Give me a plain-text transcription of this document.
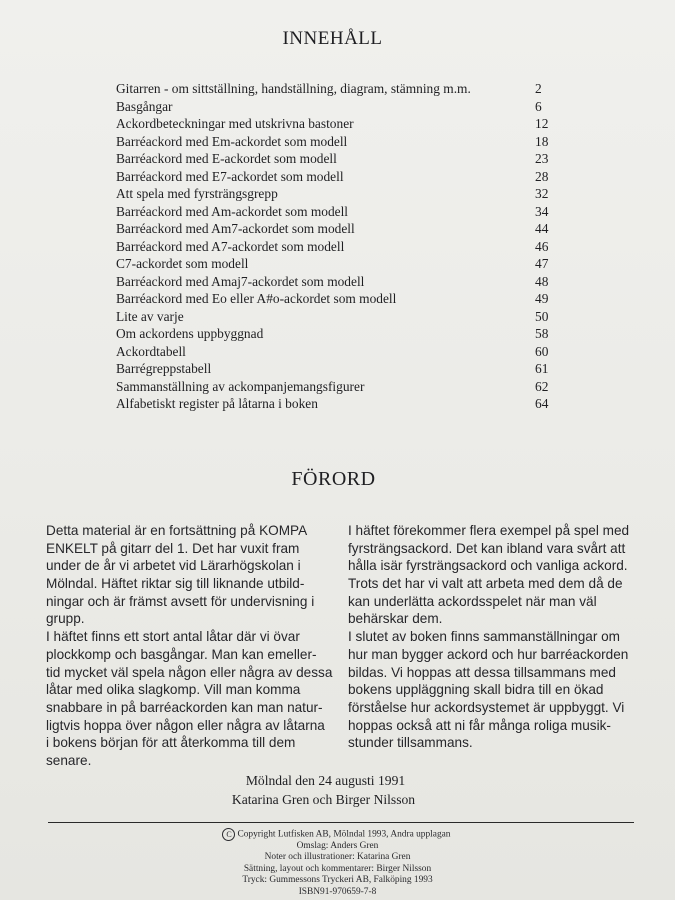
INNEHÅLL
Gitarren - om sittställning, handställning, diagram, stämning m.m.	2
Basgångar	6
Ackordbeteckningar med utskrivna bastoner	12
Barréackord med Em-ackordet som modell	18
Barréackord med E-ackordet som modell	23
Barréackord med E7-ackordet som modell	28
Att spela med fyrsträngsgrepp	32
Barréackord med Am-ackordet som modell	34
Barréackord med Am7-ackordet som modell	44
Barréackord med A7-ackordet som modell	46
C7-ackordet som modell	47
Barréackord med Amaj7-ackordet som modell	48
Barréackord med Eo eller A#o-ackordet som modell	49
Lite av varje	50
Om ackordens uppbyggnad	58
Ackordtabell	60
Barrégreppstabell	61
Sammanställning av ackompanjemangsfigurer	62
Alfabetiskt register på låtarna i boken	64
FÖRORD
Detta material är en fortsättning på KOMPA
ENKELT på gitarr del 1. Det har vuxit fram
under de år vi arbetet vid Lärarhögskolan i
Mölndal. Häftet riktar sig till liknande utbild-
ningar och är främst avsett för undervisning i
grupp.
I häftet finns ett stort antal låtar där vi övar
plockkomp och basgångar. Man kan emeller-
tid mycket väl spela någon eller några av dessa
låtar med olika slagkomp. Vill man komma
snabbare in på barréackorden kan man natur-
ligtvis hoppa över någon eller några av låtarna
i bokens början för att återkomma till dem
senare.
I häftet förekommer flera exempel på spel med
fyrsträngsackord. Det kan ibland vara svårt att
hålla isär fyrsträngsackord och vanliga ackord.
Trots det har vi valt att arbeta med dem då de
kan underlätta ackordsspelet när man väl
behärskar dem.
I slutet av boken finns sammanställningar om
hur man bygger ackord och hur barréackorden
bildas. Vi hoppas att dessa tillsammans med
bokens uppläggning skall bidra till en ökad
förståelse hur ackordsystemet är uppbyggt. Vi
hoppas också att ni får många roliga musik-
stunder tillsammans.
Mölndal den 24 augusti 1991
Katarina Gren och Birger Nilsson
C Copyright Lutfisken AB, Mölndal 1993, Andra upplagan
Omslag: Anders Gren
Noter och illustrationer: Katarina Gren
Sättning, layout och kommentarer: Birger Nilsson
Tryck: Gummessons Tryckeri AB, Falköping 1993
ISBN91-970659-7-8
